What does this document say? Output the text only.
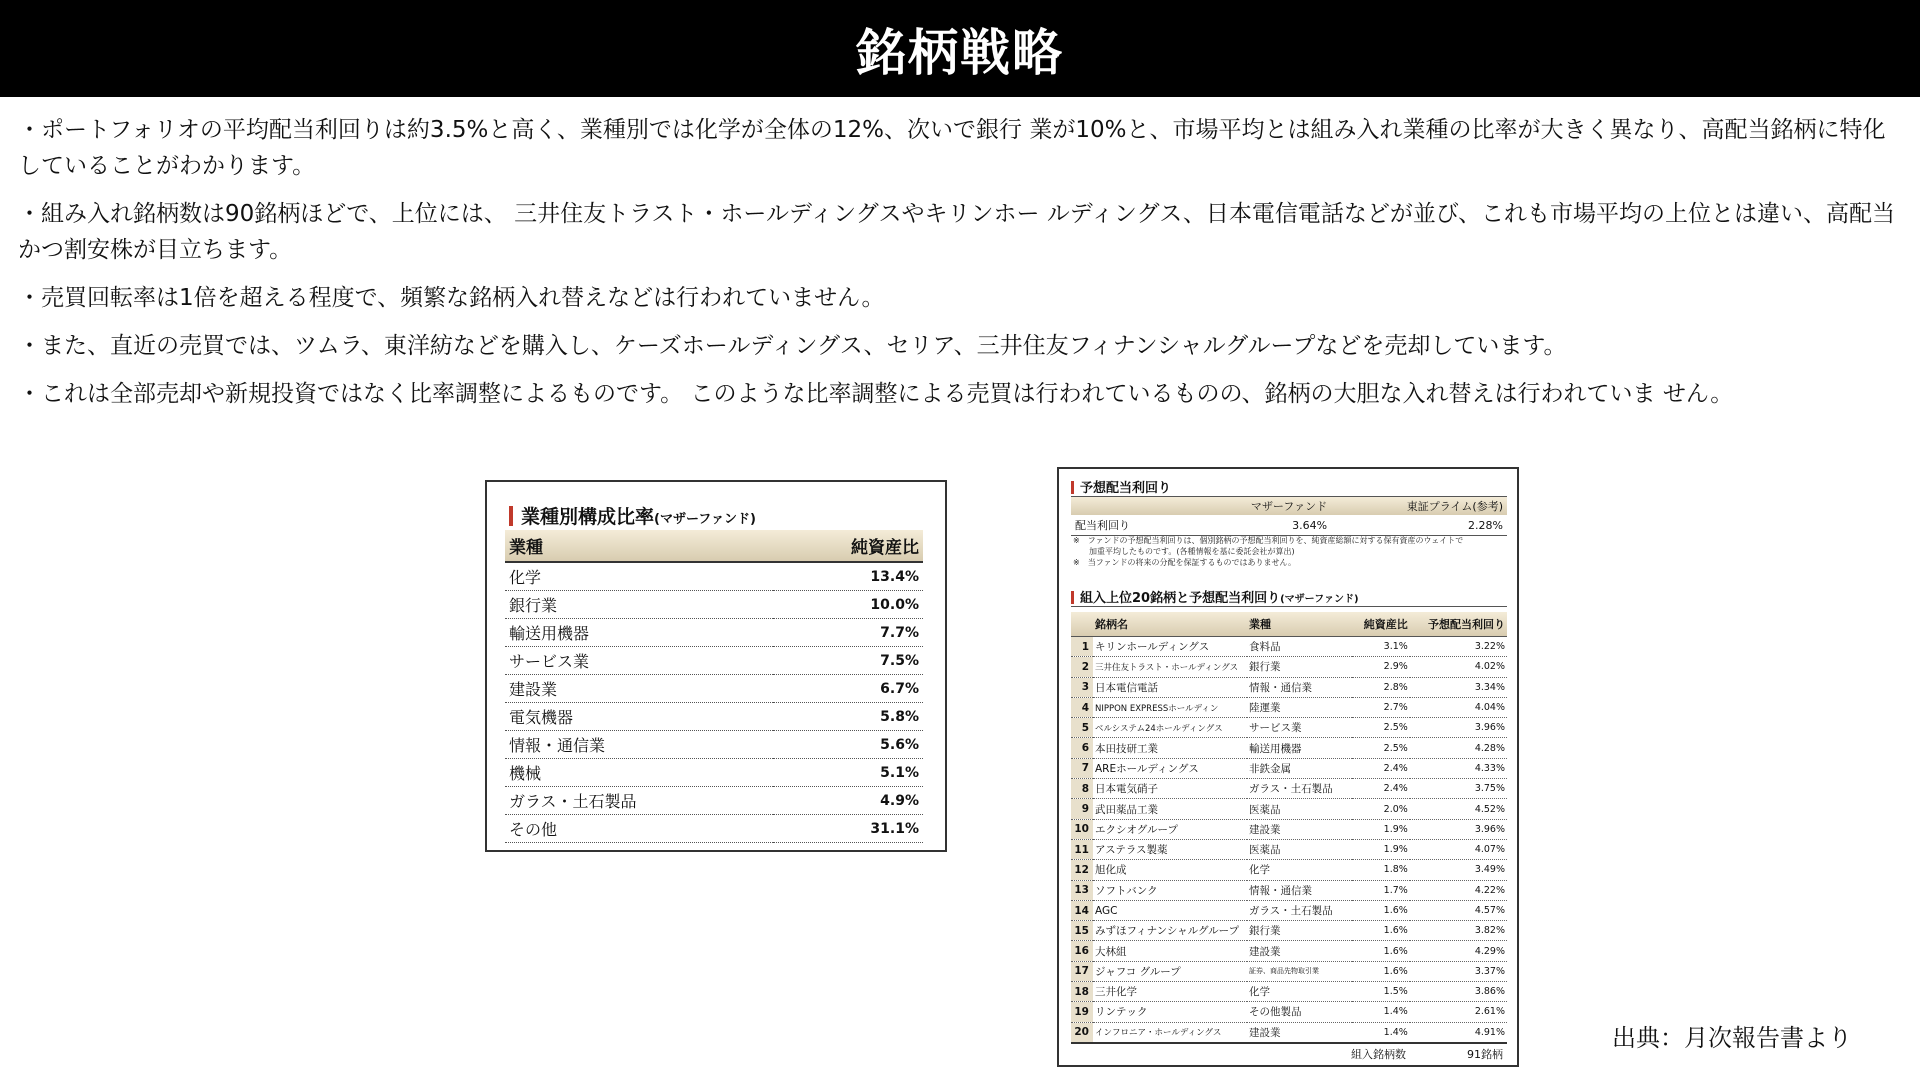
銘柄戦略

・ポートフォリオの平均配当利回りは約3.5%と高く、業種別では化学が全体の12%、次いで銀行 業が10%と、市場平均とは組み入れ業種の比率が大きく異なり、高配当銘柄に特化していることがわかります。

・組み入れ銘柄数は90銘柄ほどで、上位には、 三井住友トラスト・ホールディングスやキリンホー ルディングス、日本電信電話などが並び、これも市場平均の上位とは違い、高配当かつ割安株が目立ちます。

・売買回転率は1倍を超える程度で、頻繁な銘柄入れ替えなどは行われていません。

・また、直近の売買では、ツムラ、東洋紡などを購入し、ケーズホールディングス、セリア、三井住友フィナンシャルグループなどを売却しています。

・これは全部売却や新規投資ではなく比率調整によるものです。 このような比率調整による売買は行われているものの、銘柄の大胆な入れ替えは行われていま せん。

業種別構成比率(マザーファンド)
業種	純資産比
化学	13.4%
銀行業	10.0%
輸送用機器	7.7%
サービス業	7.5%
建設業	6.7%
電気機器	5.8%
情報・通信業	5.6%
機械	5.1%
ガラス・土石製品	4.9%
その他	31.1%
予想配当利回り
	マザーファンド	東証プライム(参考)
配当利回り	3.64%	2.28%
※　ファンドの予想配当利回りは、個別銘柄の予想配当利回りを、純資産総額に対する保有資産のウェイトで
　　加重平均したものです。(各種情報を基に委託会社が算出)
※　当ファンドの将来の分配を保証するものではありません。
組入上位20銘柄と予想配当利回り(マザーファンド)
	銘柄名	業種	純資産比	予想配当利回り
1	キリンホールディングス	食料品	3.1%	3.22%
2	三井住友トラスト・ホールディングス	銀行業	2.9%	4.02%
3	日本電信電話	情報・通信業	2.8%	3.34%
4	NIPPON EXPRESSホールディン	陸運業	2.7%	4.04%
5	ベルシステム24ホールディングス	サービス業	2.5%	3.96%
6	本田技研工業	輸送用機器	2.5%	4.28%
7	AREホールディングス	非鉄金属	2.4%	4.33%
8	日本電気硝子	ガラス・土石製品	2.4%	3.75%
9	武田薬品工業	医薬品	2.0%	4.52%
10	エクシオグループ	建設業	1.9%	3.96%
11	アステラス製薬	医薬品	1.9%	4.07%
12	旭化成	化学	1.8%	3.49%
13	ソフトバンク	情報・通信業	1.7%	4.22%
14	AGC	ガラス・土石製品	1.6%	4.57%
15	みずほフィナンシャルグループ	銀行業	1.6%	3.82%
16	大林組	建設業	1.6%	4.29%
17	ジャフコ グループ	証券、商品先物取引業	1.6%	3.37%
18	三井化学	化学	1.5%	3.86%
19	リンテック	その他製品	1.4%	2.61%
20	インフロニア・ホールディングス	建設業	1.4%	4.91%
組入銘柄数	91銘柄
出典：月次報告書より
